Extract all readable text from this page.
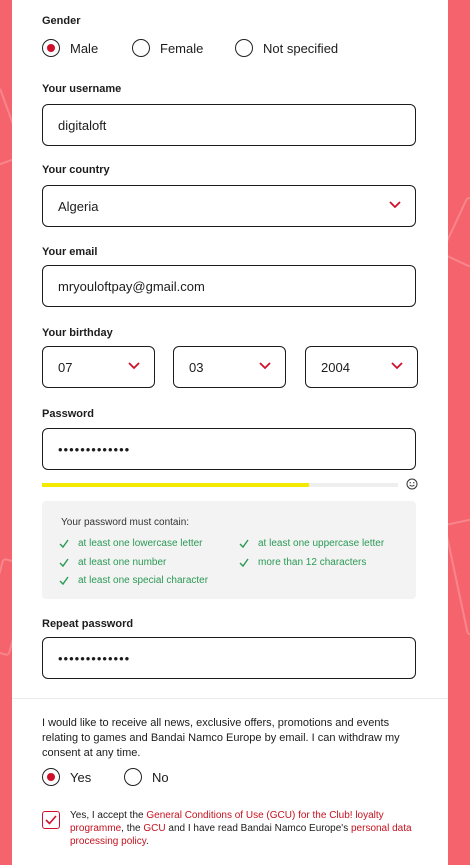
Gender
Male	Female	Not specified
Your username
digitaloft
Your country
Algeria
Your email
mryouloftpay@gmail.com
Your birthday
07	03	2004
Password
•••••••••••••
Your password must contain:
at least one lowercase letter	at least one uppercase letter
at least one number	more than 12 characters
at least one special character
Repeat password
•••••••••••••
I would like to receive all news, exclusive offers, promotions and events relating to games and Bandai Namco Europe by email. I can withdraw my consent at any time.
Yes	No
Yes, I accept the General Conditions of Use (GCU) for the Club! loyalty programme, the GCU and I have read Bandai Namco Europe's personal data processing policy.
